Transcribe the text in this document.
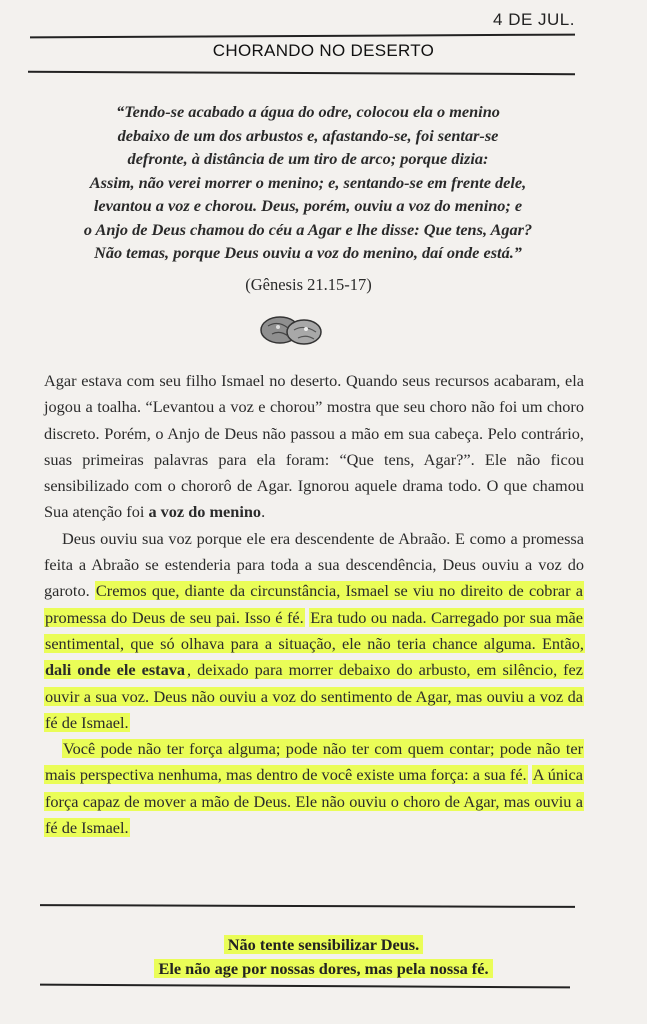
4 DE JUL.
CHORANDO NO DESERTO
“Tendo-se acabado a água do odre, colocou ela o menino
debaixo de um dos arbustos e, afastando-se, foi sentar-se
defronte, à distância de um tiro de arco; porque dizia:
Assim, não verei morrer o menino; e, sentando-se em frente dele,
levantou a voz e chorou. Deus, porém, ouviu a voz do menino; e
o Anjo de Deus chamou do céu a Agar e lhe disse: Que tens, Agar?
Não temas, porque Deus ouviu a voz do menino, daí onde está.”
(Gênesis 21.15-17)

Agar estava com seu filho Ismael no deserto. Quando seus recursos acabaram, ela jogou a toalha. “Levantou a voz e chorou” mostra que seu choro não foi um choro discreto. Porém, o Anjo de Deus não passou a mão em sua cabeça. Pelo contrário, suas primeiras palavras para ela foram: “Que tens, Agar?”. Ele não ficou sensibilizado com o chororô de Agar. Ignorou aquele drama todo. O que chamou Sua atenção foi a voz do menino.

Deus ouviu sua voz porque ele era descendente de Abraão. E como a promessa feita a Abraão se estenderia para toda a sua descendência, Deus ouviu a voz do garoto. Cremos que, diante da circunstância, Ismael se viu no direito de cobrar a promessa do Deus de seu pai. Isso é fé. Era tudo ou nada. Carregado por sua mãe sentimental, que só olhava para a situação, ele não teria chance alguma. Então, dali onde ele estava , deixado para morrer debaixo do arbusto, em silêncio, fez ouvir a sua voz. Deus não ouviu a voz do sentimento de Agar, mas ouviu a voz da fé de Ismael.

Você pode não ter força alguma; pode não ter com quem contar; pode não ter mais perspectiva nenhuma, mas dentro de você existe uma força: a sua fé. A única força capaz de mover a mão de Deus. Ele não ouviu o choro de Agar, mas ouviu a fé de Ismael.

Não tente sensibilizar Deus.
Ele não age por nossas dores, mas pela nossa fé.
